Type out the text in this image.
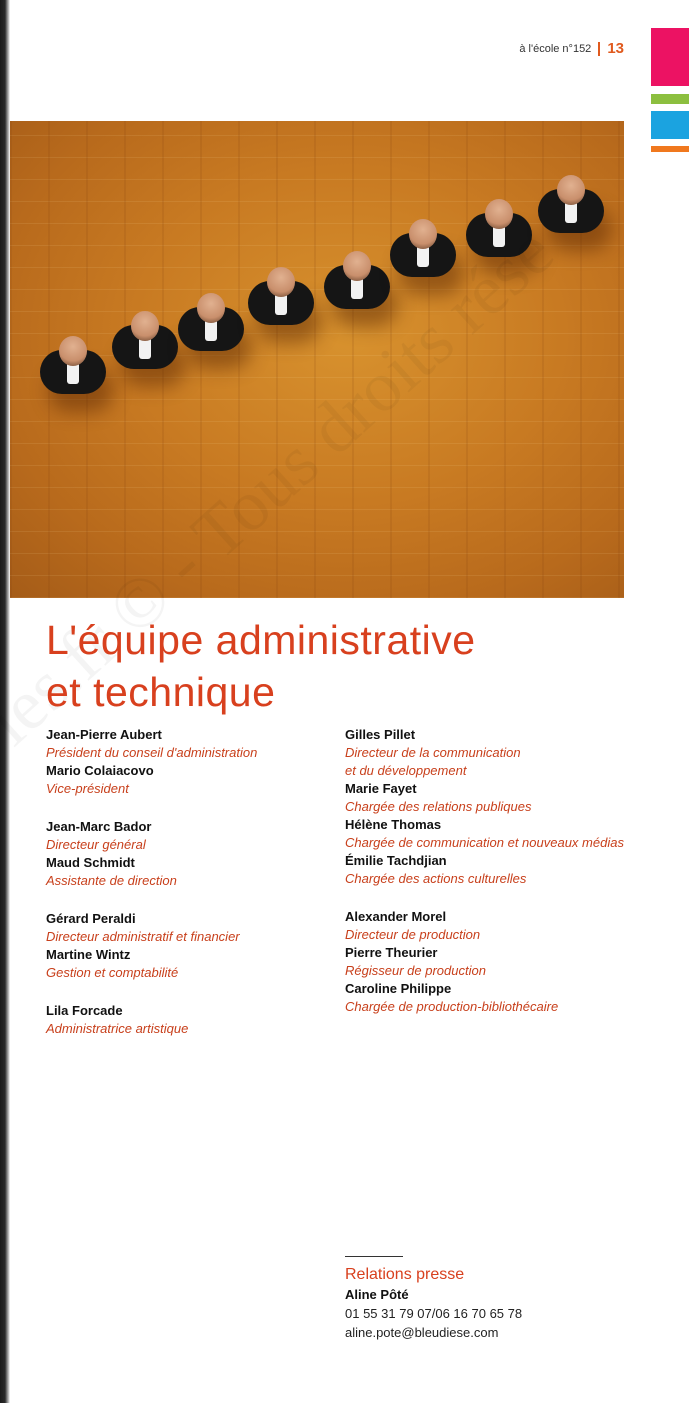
à l'école n°152 13
L'équipe administrative
et technique
Jean-Pierre Aubert
Président du conseil d'administration
Mario Colaiacovo
Vice-président
Jean-Marc Bador
Directeur général
Maud Schmidt
Assistante de direction
Gérard Peraldi
Directeur administratif et financier
Martine Wintz
Gestion et comptabilité
Lila Forcade
Administratrice artistique
Gilles Pillet
Directeur de la communication
et du développement
Marie Fayet
Chargée des relations publiques
Hélène Thomas
Chargée de communication et nouveaux médias
Émilie Tachdjian
Chargée des actions culturelles
Alexander Morel
Directeur de production
Pierre Theurier
Régisseur de production
Caroline Philippe
Chargée de production-bibliothécaire
Relations presse
Aline Pôté
01 55 31 79 07/06 16 70 65 78
aline.pote@bleudiese.com
